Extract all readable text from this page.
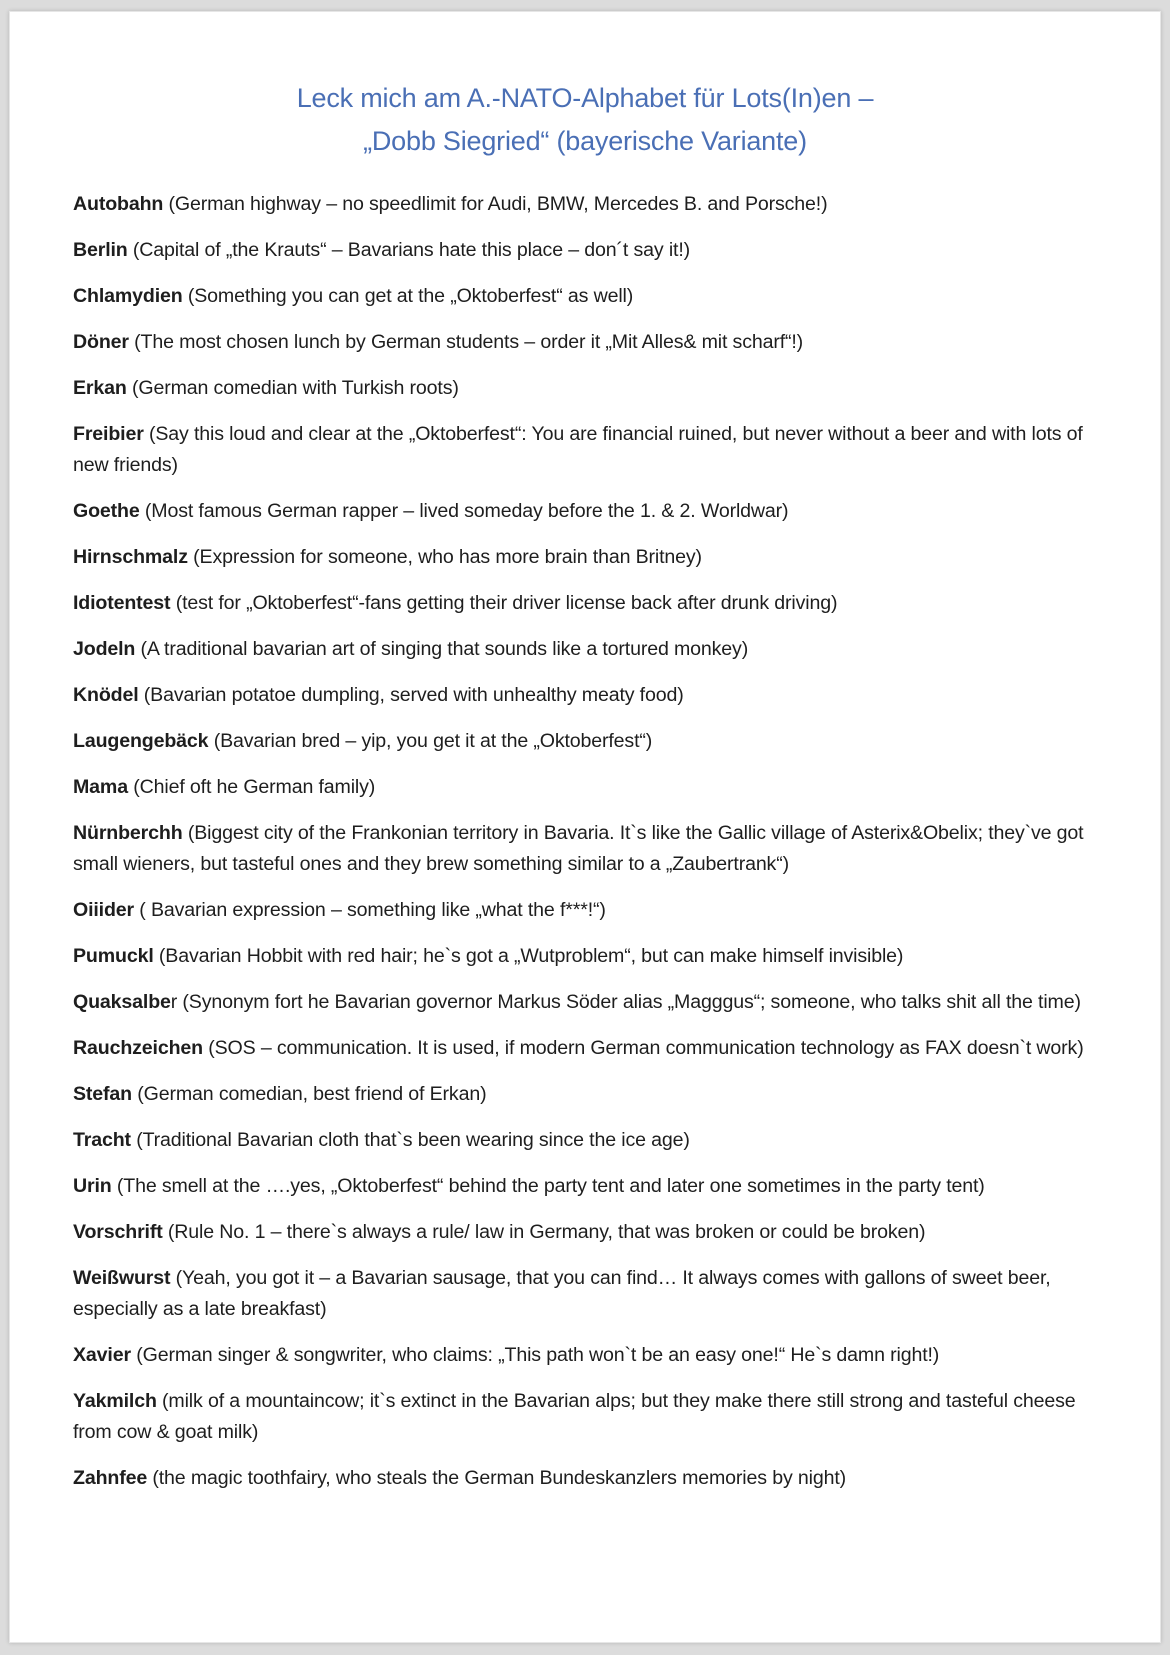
Leck mich am A.-NATO-Alphabet für Lots(In)en –
„Dobb Siegried“ (bayerische Variante)

Autobahn (German highway – no speedlimit for Audi, BMW, Mercedes B. and Porsche!)

Berlin (Capital of „the Krauts“ – Bavarians hate this place – don´t say it!)

Chlamydien (Something you can get at the „Oktoberfest“ as well)

Döner (The most chosen lunch by German students – order it „Mit Alles& mit scharf“!)

Erkan (German comedian with Turkish roots)

Freibier (Say this loud and clear at the „Oktoberfest“: You are financial ruined, but never without a beer and with lots of new friends)

Goethe (Most famous German rapper – lived someday before the 1. & 2. Worldwar)

Hirnschmalz (Expression for someone, who has more brain than Britney)

Idiotentest (test for „Oktoberfest“-fans getting their driver license back after drunk driving)

Jodeln (A traditional bavarian art of singing that sounds like a tortured monkey)

Knödel (Bavarian potatoe dumpling, served with unhealthy meaty food)

Laugengebäck (Bavarian bred – yip, you get it at the „Oktoberfest“)

Mama (Chief oft he German family)

Nürnberchh (Biggest city of the Frankonian territory in Bavaria. It`s like the Gallic village of Asterix&Obelix; they`ve got small wieners, but tasteful ones and they brew something similar to a „Zaubertrank“)

Oiiider ( Bavarian expression – something like „what the f***!“)

Pumuckl (Bavarian Hobbit with red hair; he`s got a „Wutproblem“, but can make himself invisible)

Quaksalber (Synonym fort he Bavarian governor Markus Söder alias „Magggus“; someone, who talks shit all the time)

Rauchzeichen (SOS – communication. It is used, if modern German communication technology as FAX doesn`t work)

Stefan (German comedian, best friend of Erkan)

Tracht (Traditional Bavarian cloth that`s been wearing since the ice age)

Urin (The smell at the ….yes, „Oktoberfest“ behind the party tent and later one sometimes in the party tent)

Vorschrift (Rule No. 1 – there`s always a rule/ law in Germany, that was broken or could be broken)

Weißwurst (Yeah, you got it – a Bavarian sausage, that you can find… It always comes with gallons of sweet beer, especially as a late breakfast)

Xavier (German singer & songwriter, who claims: „This path won`t be an easy one!“ He`s damn right!)

Yakmilch (milk of a mountaincow; it`s extinct in the Bavarian alps; but they make there still strong and tasteful cheese from cow & goat milk)

Zahnfee (the magic toothfairy, who steals the German Bundeskanzlers memories by night)
